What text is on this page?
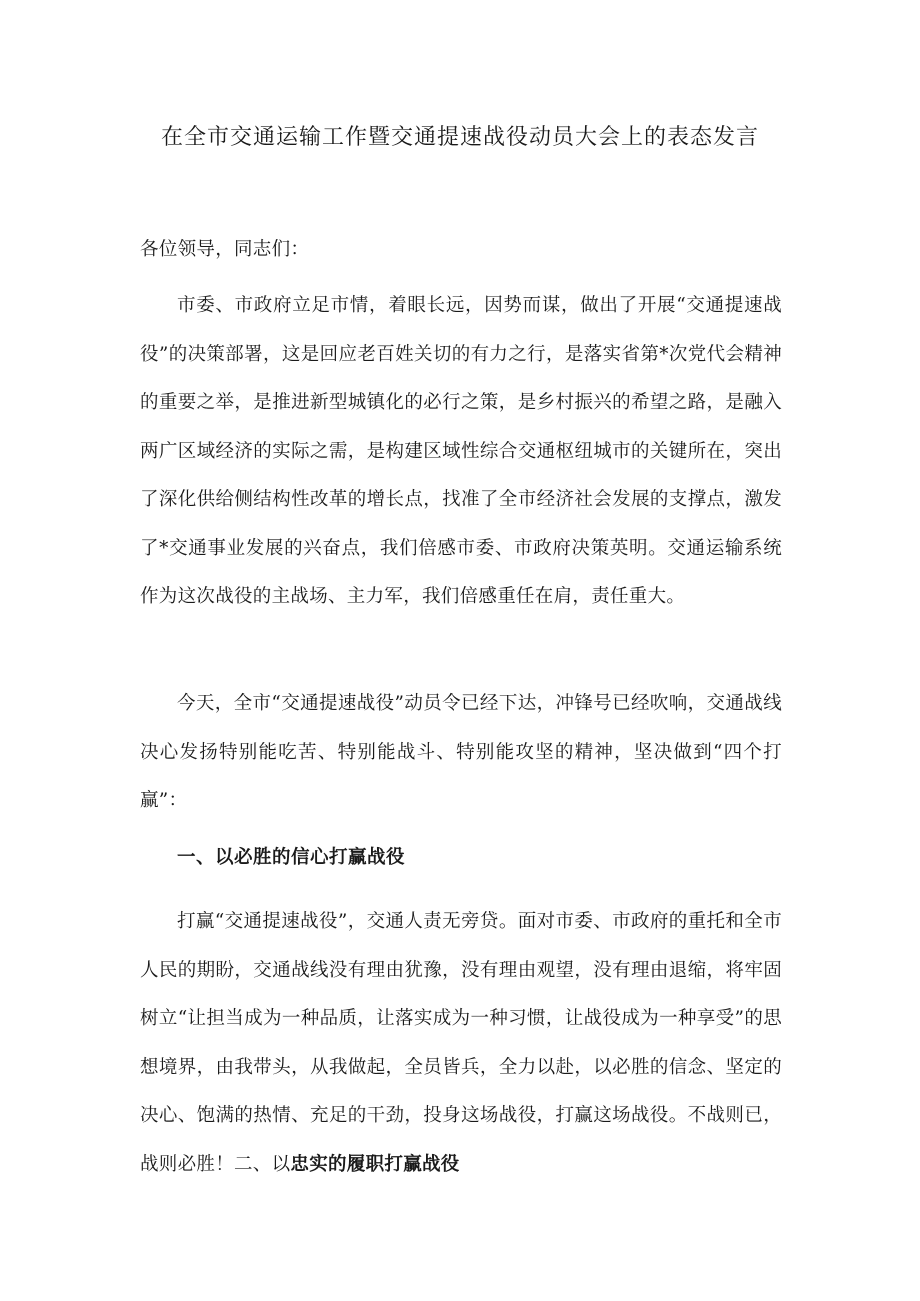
在全市交通运输工作暨交通提速战役动员大会上的表态发言
各位领导，同志们：
市委、市政府立足市情，着眼长远，因势而谋，做出了开展“交通提速战役”的决策部署，这是回应老百姓关切的有力之行，是落实省第*次党代会精神的重要之举，是推进新型城镇化的必行之策，是乡村振兴的希望之路，是融入两广区域经济的实际之需，是构建区域性综合交通枢纽城市的关键所在，突出了深化供给侧结构性改革的增长点，找准了全市经济社会发展的支撑点，激发了*交通事业发展的兴奋点，我们倍感市委、市政府决策英明。交通运输系统作为这次战役的主战场、主力军，我们倍感重任在肩，责任重大。
今天，全市“交通提速战役”动员令已经下达，冲锋号已经吹响，交通战线决心发扬特别能吃苦、特别能战斗、特别能攻坚的精神，坚决做到“四个打赢”：
一、以必胜的信心打赢战役
打赢“交通提速战役”，交通人责无旁贷。面对市委、市政府的重托和全市人民的期盼，交通战线没有理由犹豫，没有理由观望，没有理由退缩，将牢固树立“让担当成为一种品质，让落实成为一种习惯，让战役成为一种享受”的思想境界，由我带头，从我做起，全员皆兵，全力以赴，以必胜的信念、坚定的决心、饱满的热情、充足的干劲，投身这场战役，打赢这场战役。不战则已，战则必胜！二、以忠实的履职打赢战役
